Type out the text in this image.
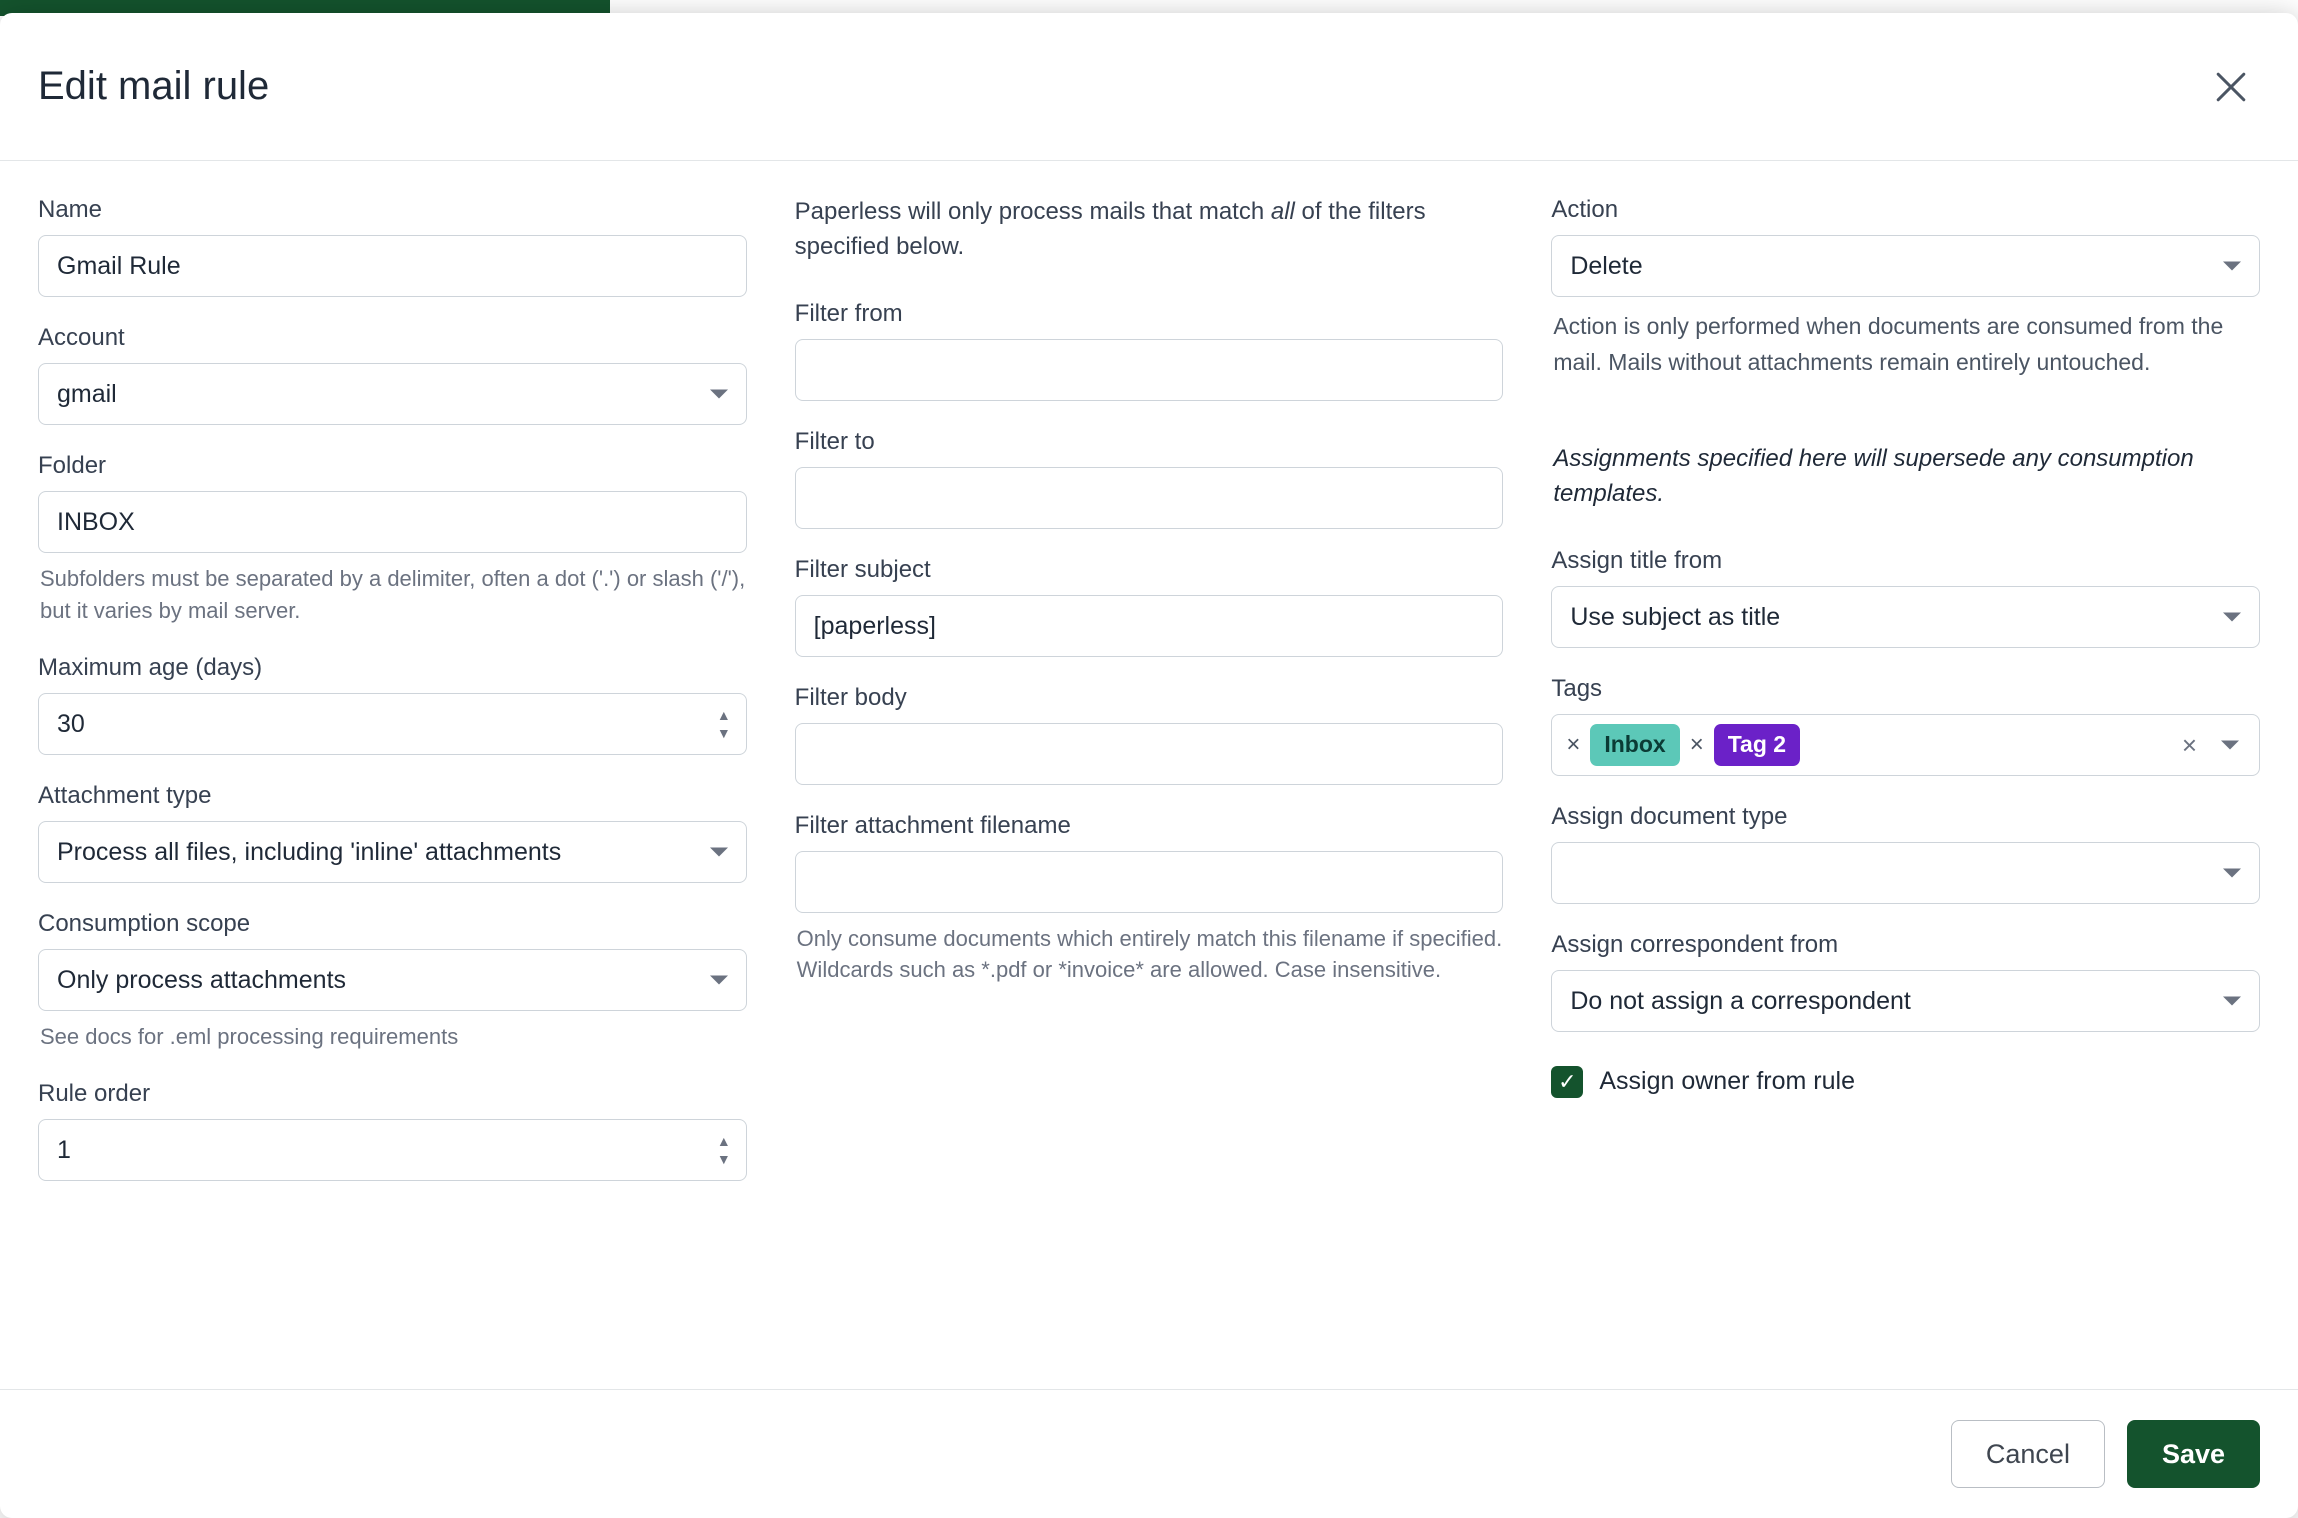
Edit mail rule
Name
Gmail Rule
Account
gmail
Folder
INBOX
Subfolders must be separated by a delimiter, often a dot ('.') or slash ('/'), but it varies by mail server.
Maximum age (days)
30	▲
▼
Attachment type
Process all files, including 'inline' attachments
Consumption scope
Only process attachments
See docs for .eml processing requirements
Rule order
1	▲
▼
Paperless will only process mails that match all of the filters specified below.
Filter from
Filter to
Filter subject
[paperless]
Filter body
Filter attachment filename
Only consume documents which entirely match this filename if specified. Wildcards such as *.pdf or *invoice* are allowed. Case insensitive.
Action
Delete
Action is only performed when documents are consumed from the mail. Mails without attachments remain entirely untouched.
Assignments specified here will supersede any consumption templates.
Assign title from
Use subject as title
Tags
×	Inbox	×	Tag 2	×
Assign document type
Assign correspondent from
Do not assign a correspondent
✓ Assign owner from rule
Cancel	Save
